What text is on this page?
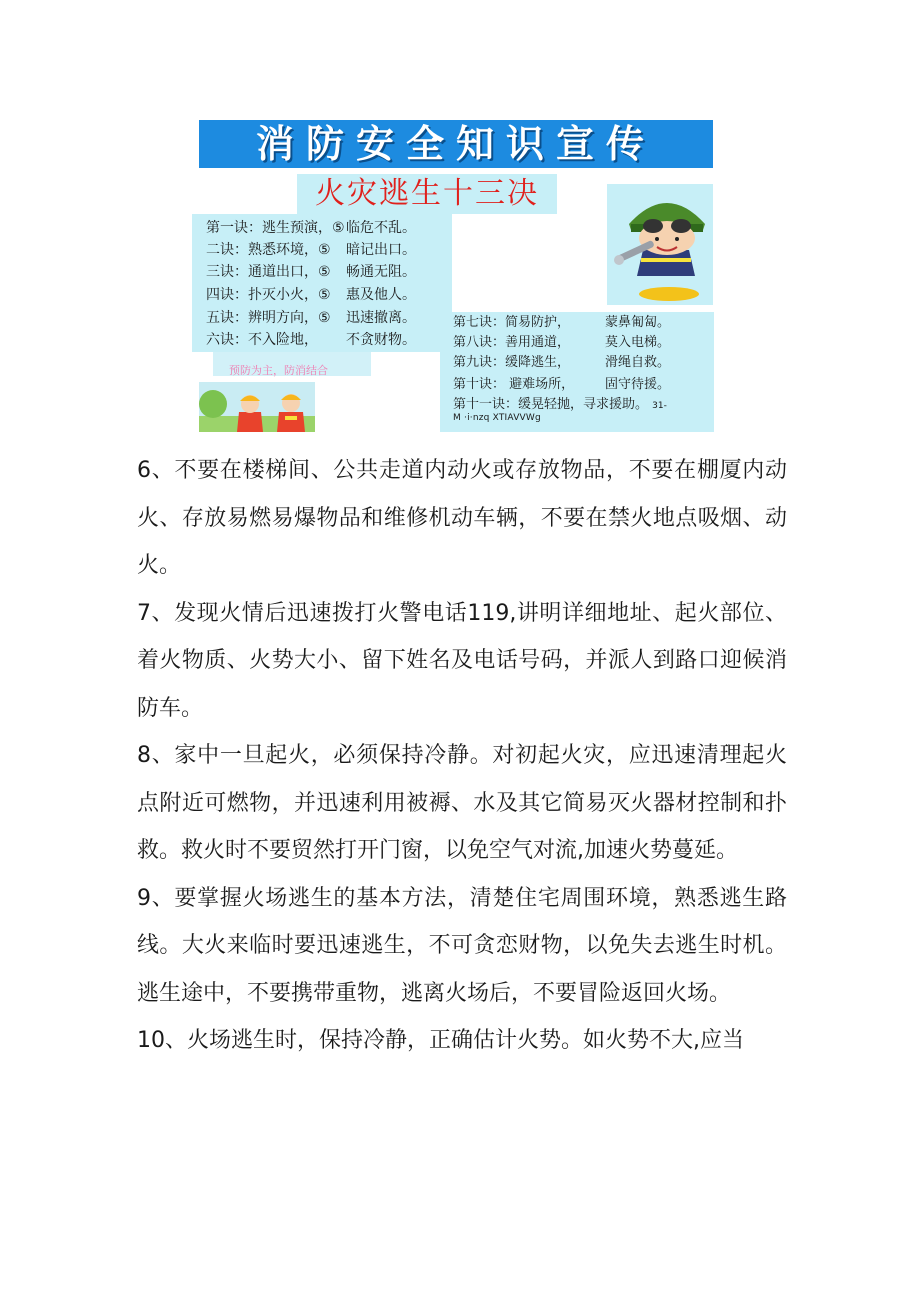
消防安全知识宣传
火灾逃生十三决
第一诀：逃生预演，⑤临危不乱。
二诀：熟悉环境，⑤ 暗记出口。
三诀：通道出口，⑤ 畅通无阻。
四诀：扑灭小火，⑤ 惠及他人。
五诀：辨明方向，⑤ 迅速撤离。
六诀：不入险地， 不贪财物。
预防为主，防消结合
第七诀：简易防护，	蒙鼻匍匐。
第八诀：善用通道，	莫入电梯。
第九诀：缓降逃生，	滑绳自救。
第十诀： 避难场所， 固守待援。
第十一诀：缓晃轻抛，寻求援助。 31-
M ·i·nzq XTIAVVWg

6、不要在楼梯间、公共走道内动火或存放物品，不要在棚厦内动火、存放易燃易爆物品和维修机动车辆，不要在禁火地点吸烟、动火。

7、发现火情后迅速拨打火警电话119,讲明详细地址、起火部位、着火物质、火势大小、留下姓名及电话号码，并派人到路口迎候消防车。

8、家中一旦起火，必须保持冷静。对初起火灾，应迅速清理起火点附近可燃物，并迅速利用被褥、水及其它简易灭火器材控制和扑救。救火时不要贸然打开门窗，以免空气对流,加速火势蔓延。

9、要掌握火场逃生的基本方法，清楚住宅周围环境，熟悉逃生路线。大火来临时要迅速逃生，不可贪恋财物，以免失去逃生时机。逃生途中，不要携带重物，逃离火场后，不要冒险返回火场。

10、火场逃生时，保持冷静，正确估计火势。如火势不大,应当
